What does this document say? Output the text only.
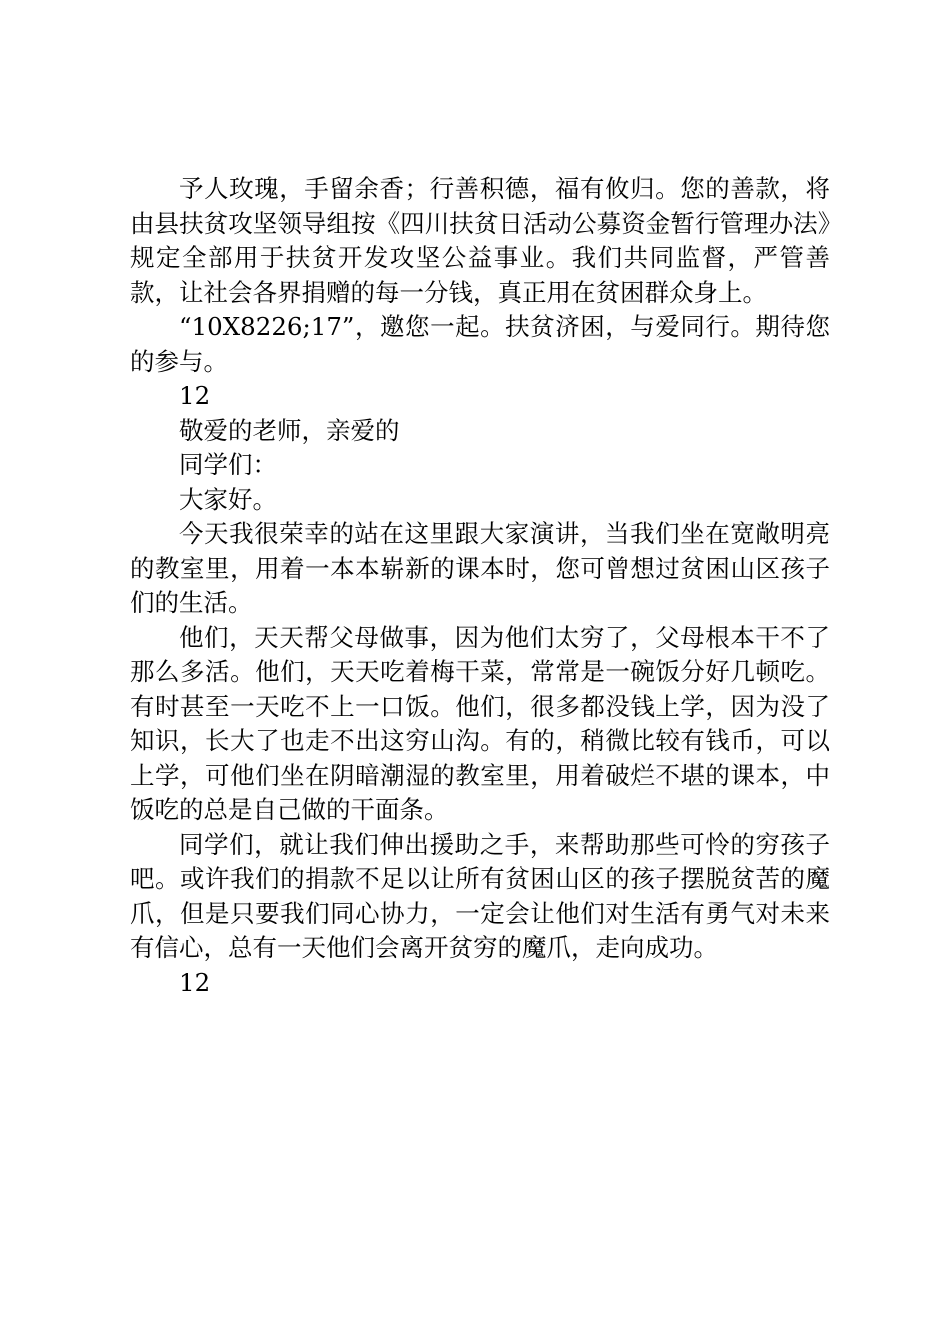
予人玫瑰，手留余香；行善积德，福有攸归。您的善款，将由县扶贫攻坚领导组按《四川扶贫日活动公募资金暂行管理办法》规定全部用于扶贫开发攻坚公益事业。我们共同监督，严管善款，让社会各界捐赠的每一分钱，真正用在贫困群众身上。

“10X8226;17”，邀您一起。扶贫济困，与爱同行。期待您的参与。

12

敬爱的老师，亲爱的

同学们：

大家好。

今天我很荣幸的站在这里跟大家演讲，当我们坐在宽敞明亮的教室里，用着一本本崭新的课本时，您可曾想过贫困山区孩子们的生活。

他们，天天帮父母做事，因为他们太穷了，父母根本干不了那么多活。他们，天天吃着梅干菜，常常是一碗饭分好几顿吃。有时甚至一天吃不上一口饭。他们，很多都没钱上学，因为没了知识，长大了也走不出这穷山沟。有的，稍微比较有钱币，可以上学，可他们坐在阴暗潮湿的教室里，用着破烂不堪的课本，中饭吃的总是自己做的干面条。

同学们，就让我们伸出援助之手，来帮助那些可怜的穷孩子吧。或许我们的捐款不足以让所有贫困山区的孩子摆脱贫苦的魔爪，但是只要我们同心协力，一定会让他们对生活有勇气对未来有信心，总有一天他们会离开贫穷的魔爪，走向成功。

12
